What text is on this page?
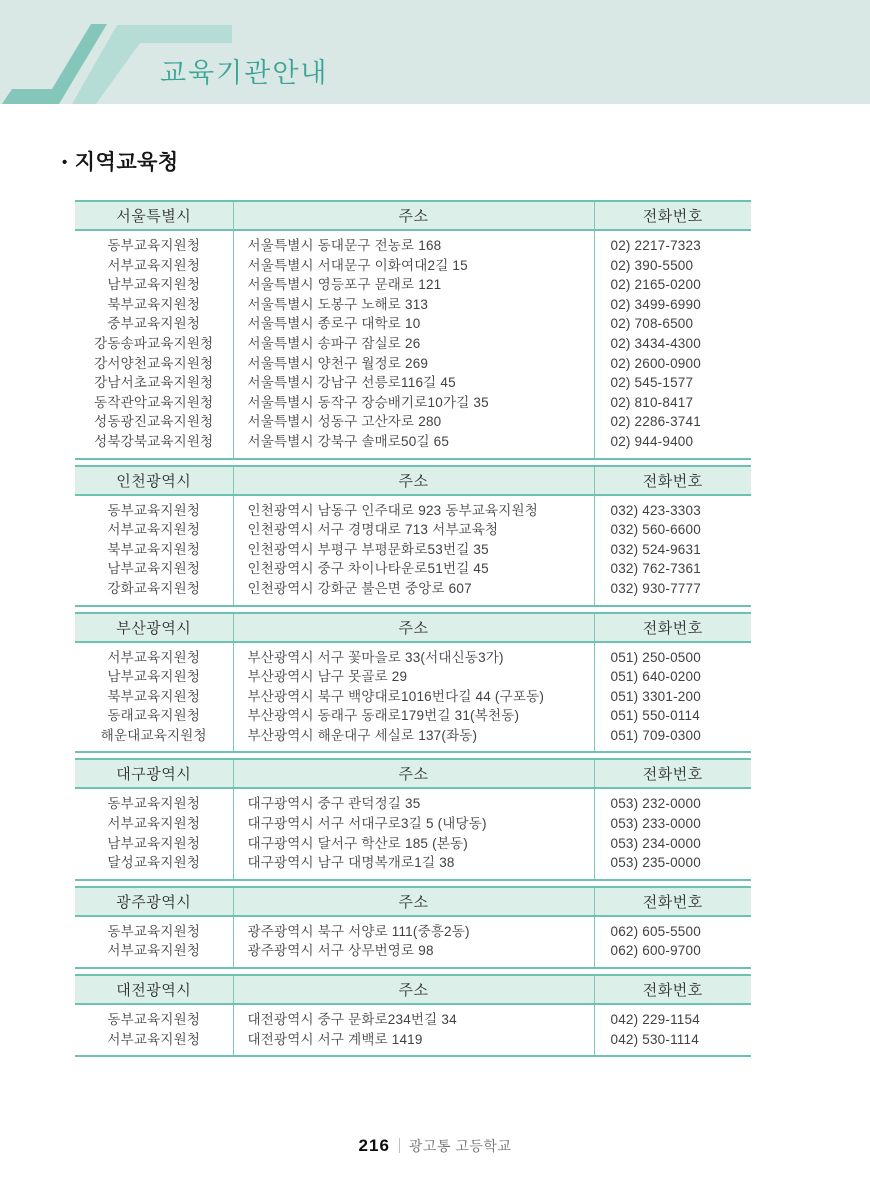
교육기관안내
• 지역교육청
서울특별시	주소	전화번호
동부교육지원청	서울특별시 동대문구 전농로 168	02) 2217-7323
서부교육지원청	서울특별시 서대문구 이화여대2길 15	02) 390-5500
남부교육지원청	서울특별시 영등포구 문래로 121	02) 2165-0200
북부교육지원청	서울특별시 도봉구 노해로 313	02) 3499-6990
중부교육지원청	서울특별시 종로구 대학로 10	02) 708-6500
강동송파교육지원청	서울특별시 송파구 잠실로 26	02) 3434-4300
강서양천교육지원청	서울특별시 양천구 월정로 269	02) 2600-0900
강남서초교육지원청	서울특별시 강남구 선릉로116길 45	02) 545-1577
동작관악교육지원청	서울특별시 동작구 장승배기로10가길 35	02) 810-8417
성동광진교육지원청	서울특별시 성동구 고산자로 280	02) 2286-3741
성북강북교육지원청	서울특별시 강북구 솔매로50길 65	02) 944-9400
인천광역시	주소	전화번호
동부교육지원청	인천광역시 남동구 인주대로 923 동부교육지원청	032) 423-3303
서부교육지원청	인천광역시 서구 경명대로 713 서부교육청	032) 560-6600
북부교육지원청	인천광역시 부평구 부평문화로53번길 35	032) 524-9631
남부교육지원청	인천광역시 중구 차이나타운로51번길 45	032) 762-7361
강화교육지원청	인천광역시 강화군 불은면 중앙로 607	032) 930-7777
부산광역시	주소	전화번호
서부교육지원청	부산광역시 서구 꽃마을로 33(서대신동3가)	051) 250-0500
남부교육지원청	부산광역시 남구 못골로 29	051) 640-0200
북부교육지원청	부산광역시 북구 백양대로1016번다길 44 (구포동)	051) 3301-200
동래교육지원청	부산광역시 동래구 동래로179번길 31(복천동)	051) 550-0114
해운대교육지원청	부산광역시 해운대구 세실로 137(좌동)	051) 709-0300
대구광역시	주소	전화번호
동부교육지원청	대구광역시 중구 관덕정길 35	053) 232-0000
서부교육지원청	대구광역시 서구 서대구로3길 5 (내당동)	053) 233-0000
남부교육지원청	대구광역시 달서구 학산로 185 (본동)	053) 234-0000
달성교육지원청	대구광역시 남구 대명복개로1길 38	053) 235-0000
광주광역시	주소	전화번호
동부교육지원청	광주광역시 북구 서양로 111(중흥2동)	062) 605-5500
서부교육지원청	광주광역시 서구 상무번영로 98	062) 600-9700
대전광역시	주소	전화번호
동부교육지원청	대전광역시 중구 문화로234번길 34	042) 229-1154
서부교육지원청	대전광역시 서구 계백로 1419	042) 530-1114
216 광고통 고등학교
